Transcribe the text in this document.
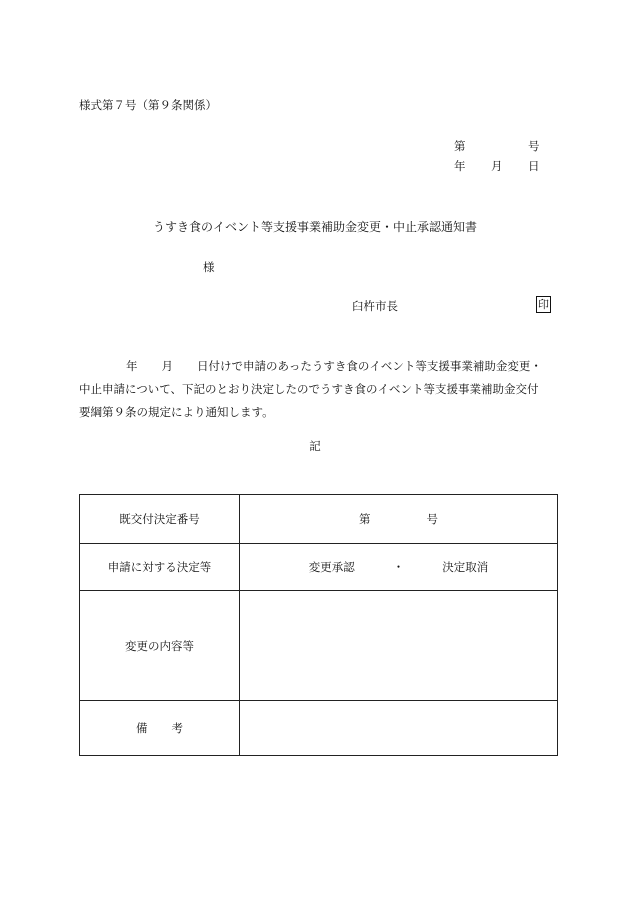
様式第７号（第９条関係）
第	号
年 月 日
うすき食のイベント等支援事業補助金変更・中止承認通知書
様
臼杵市長	印
年 月 日付けで申請のあったうすき食のイベント等支援事業補助金変更・
中止申請について、下記のとおり決定したのでうすき食のイベント等支援事業補助金交付
要綱第９条の規定により通知します。
記
既交付決定番号	第 号
申請に対する決定等	変更承認 ・ 決定取消
変更の内容等	
備 考	
